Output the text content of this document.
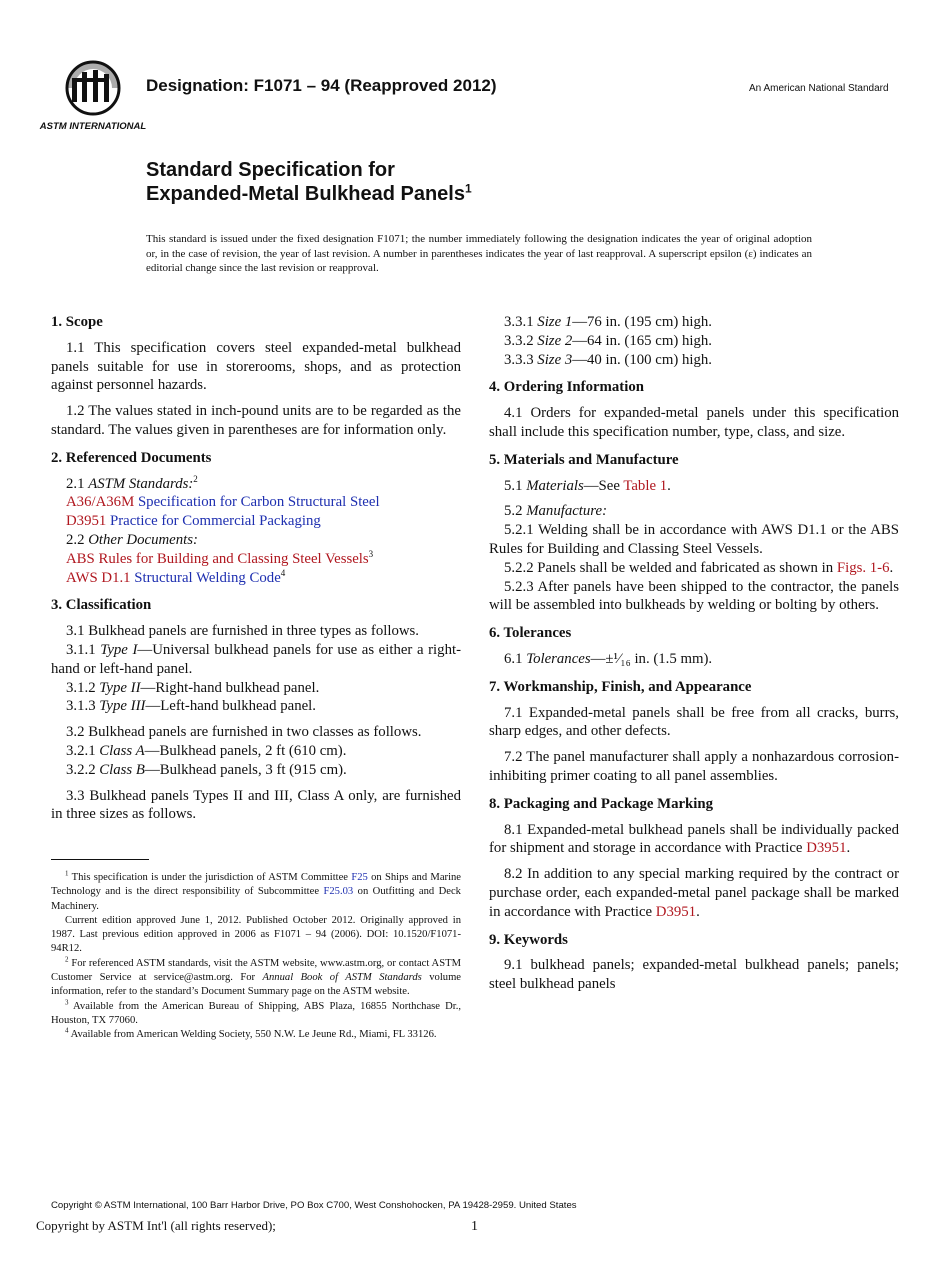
ASTM INTERNATIONAL
Designation: F1071 – 94 (Reapproved 2012)	An American National Standard
Standard Specification for
Expanded-Metal Bulkhead Panels$^1$
This standard is issued under the fixed designation F1071; the number immediately following the designation indicates the year of original adoption or, in the case of revision, the year of last revision. A number in parentheses indicates the year of last reapproval. A superscript epsilon (ε) indicates an editorial change since the last revision or reapproval.
1. Scope

1.1 This specification covers steel expanded-metal bulkhead panels suitable for use in storerooms, shops, and as protection against personnel hazards.

1.2 The values stated in inch-pound units are to be regarded as the standard. The values given in parentheses are for information only.

2. Referenced Documents

2.1 ASTM Standards:$^2$

A36/A36M Specification for Carbon Structural Steel

D3951 Practice for Commercial Packaging

2.2 Other Documents:

ABS Rules for Building and Classing Steel Vessels$^3$

AWS D1.1 Structural Welding Code$^4$

3. Classification

3.1 Bulkhead panels are furnished in three types as follows.

3.1.1 Type I—Universal bulkhead panels for use as either a right-hand or left-hand panel.

3.1.2 Type II—Right-hand bulkhead panel.

3.1.3 Type III—Left-hand bulkhead panel.

3.2 Bulkhead panels are furnished in two classes as follows.

3.2.1 Class A—Bulkhead panels, 2 ft (610 cm).

3.2.2 Class B—Bulkhead panels, 3 ft (915 cm).

3.3 Bulkhead panels Types II and III, Class A only, are furnished in three sizes as follows.

$^1$ This specification is under the jurisdiction of ASTM Committee F25 on Ships and Marine Technology and is the direct responsibility of Subcommittee F25.03 on Outfitting and Deck Machinery.

Current edition approved June 1, 2012. Published October 2012. Originally approved in 1987. Last previous edition approved in 2006 as F1071 – 94 (2006). DOI: 10.1520/F1071-94R12.

$^2$ For referenced ASTM standards, visit the ASTM website, www.astm.org, or contact ASTM Customer Service at service@astm.org. For Annual Book of ASTM Standards volume information, refer to the standard’s Document Summary page on the ASTM website.

$^3$ Available from the American Bureau of Shipping, ABS Plaza, 16855 Northchase Dr., Houston, TX 77060.

$^4$ Available from American Welding Society, 550 N.W. Le Jeune Rd., Miami, FL 33126.

3.3.1 Size 1—76 in. (195 cm) high.

3.3.2 Size 2—64 in. (165 cm) high.

3.3.3 Size 3—40 in. (100 cm) high.

4. Ordering Information

4.1 Orders for expanded-metal panels under this specification shall include this specification number, type, class, and size.

5. Materials and Manufacture

5.1 Materials—See Table 1.

5.2 Manufacture:

5.2.1 Welding shall be in accordance with AWS D1.1 or the ABS Rules for Building and Classing Steel Vessels.

5.2.2 Panels shall be welded and fabricated as shown in Figs. 1-6.

5.2.3 After panels have been shipped to the contractor, the panels will be assembled into bulkheads by welding or bolting by others.

6. Tolerances

6.1 Tolerances—±¹⁄₁₆ in. (1.5 mm).

7. Workmanship, Finish, and Appearance

7.1 Expanded-metal panels shall be free from all cracks, burrs, sharp edges, and other defects.

7.2 The panel manufacturer shall apply a nonhazardous corrosion-inhibiting primer coating to all panel assemblies.

8. Packaging and Package Marking

8.1 Expanded-metal bulkhead panels shall be individually packed for shipment and storage in accordance with Practice D3951.

8.2 In addition to any special marking required by the contract or purchase order, each expanded-metal panel package shall be marked in accordance with Practice D3951.

9. Keywords

9.1 bulkhead panels; expanded-metal bulkhead panels; panels; steel bulkhead panels

Copyright © ASTM International, 100 Barr Harbor Drive, PO Box C700, West Conshohocken, PA 19428-2959. United States
Copyright by ASTM Int'l (all rights reserved);	1
